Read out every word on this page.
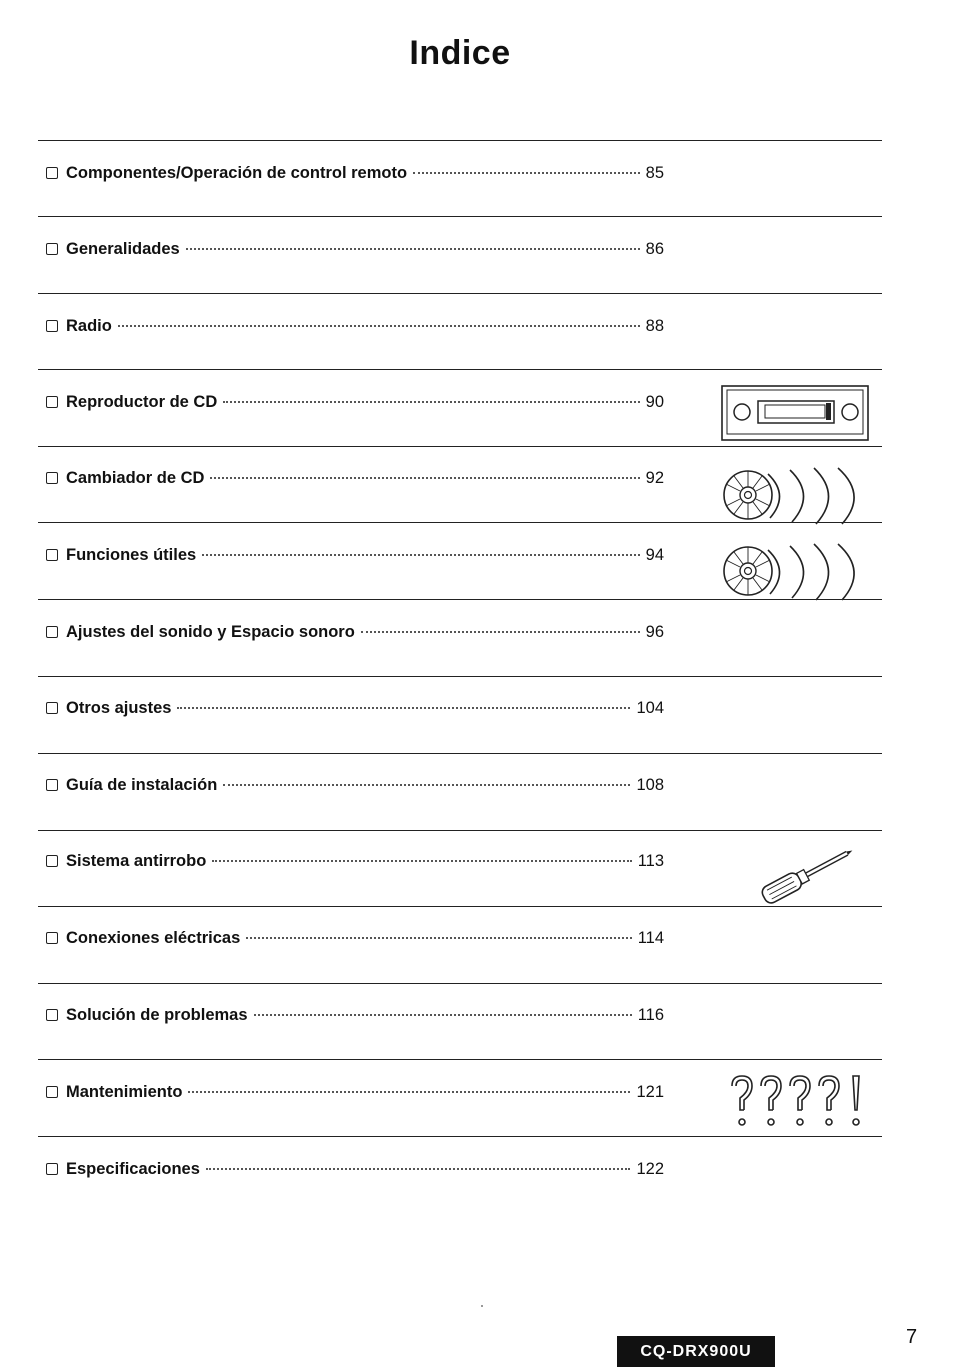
Indice
Componentes/Operación de control remoto	85
Generalidades	86
Radio	88
Reproductor de CD	90
Cambiador de CD	92
Funciones útiles	94
Ajustes del sonido y Espacio sonoro	96
Otros ajustes	104
Guía de instalación	108
Sistema antirrobo	113
Conexiones eléctricas	114
Solución de problemas	116
Mantenimiento	121
Especificaciones	122
CQ-DRX900U
7
